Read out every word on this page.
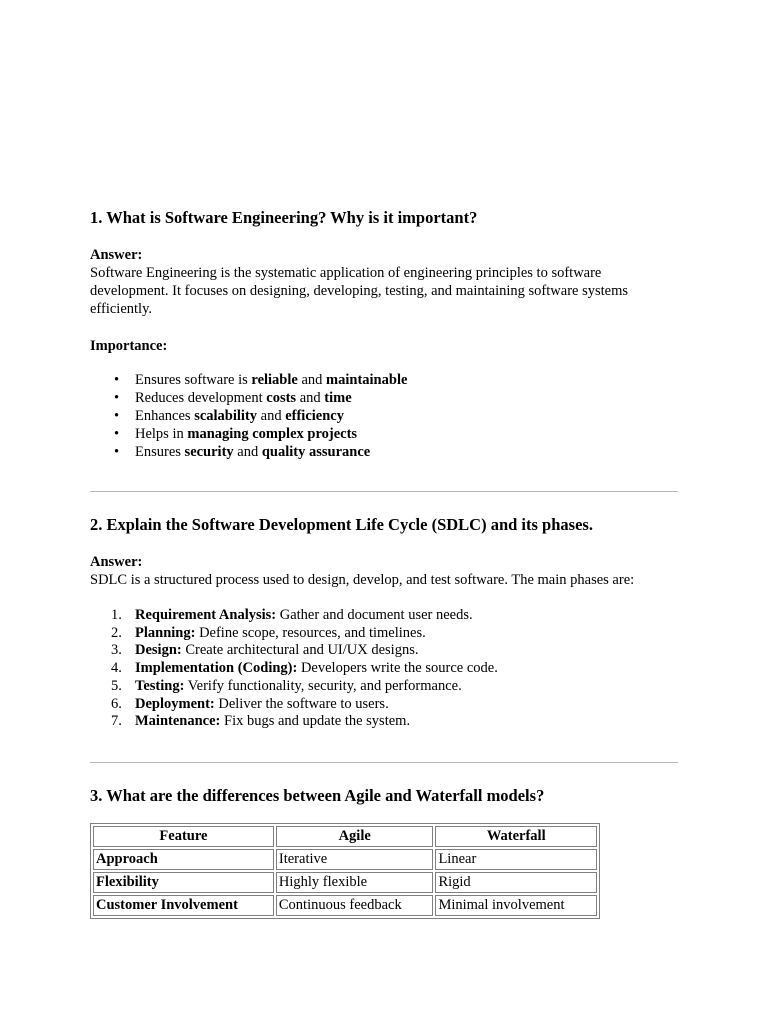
1. What is Software Engineering? Why is it important?
Answer:

Software Engineering is the systematic application of engineering principles to software development. It focuses on designing, developing, testing, and maintaining software systems efficiently.

Importance:
• Ensures software is reliable and maintainable
• Reduces development costs and time
• Enhances scalability and efficiency
• Helps in managing complex projects
• Ensures security and quality assurance
2. Explain the Software Development Life Cycle (SDLC) and its phases.
Answer:

SDLC is a structured process used to design, develop, and test software. The main phases are:

1. Requirement Analysis: Gather and document user needs.
2. Planning: Define scope, resources, and timelines.
3. Design: Create architectural and UI/UX designs.
4. Implementation (Coding): Developers write the source code.
5. Testing: Verify functionality, security, and performance.
6. Deployment: Deliver the software to users.
7. Maintenance: Fix bugs and update the system.
3. What are the differences between Agile and Waterfall models?
Feature	Agile	Waterfall
Approach	Iterative	Linear
Flexibility	Highly flexible	Rigid
Customer Involvement	Continuous feedback	Minimal involvement
